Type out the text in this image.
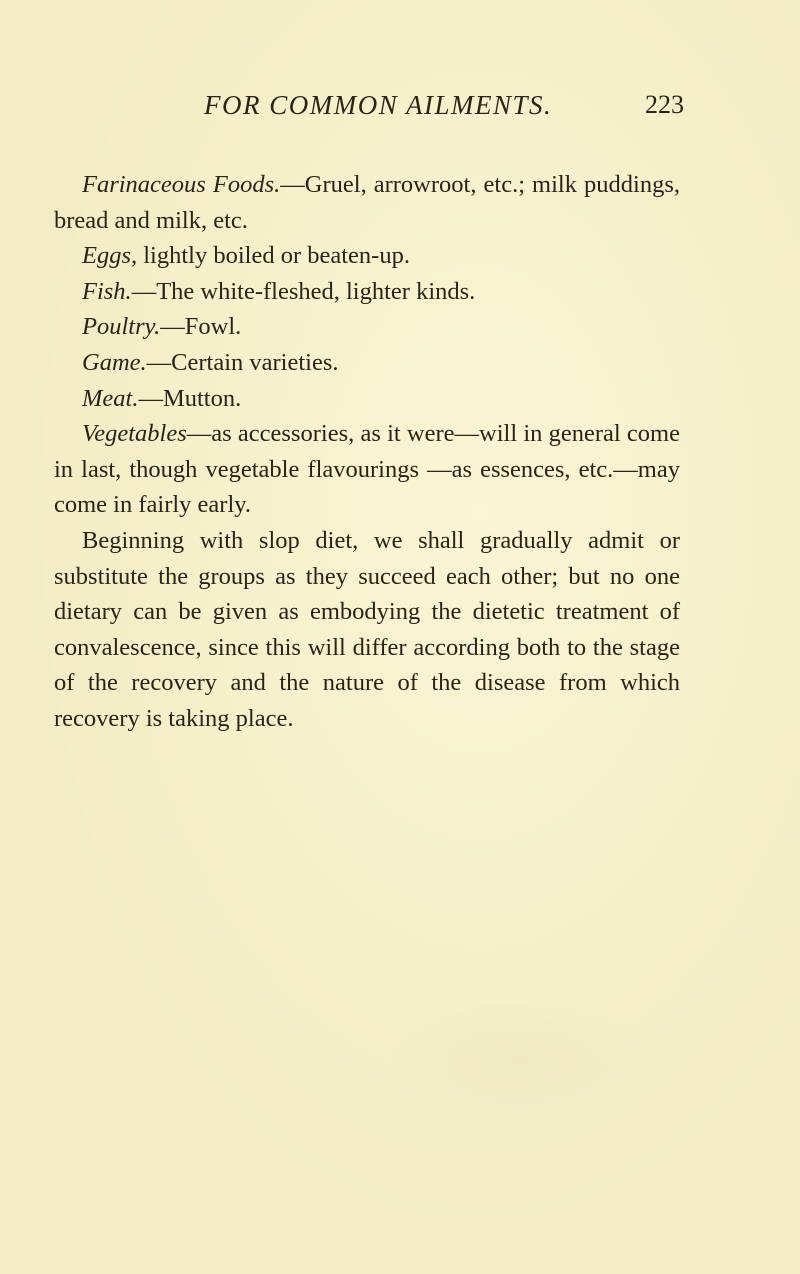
FOR COMMON AILMENTS.	223

Farinaceous Foods.—Gruel, arrowroot, etc.; milk puddings, bread and milk, etc.

Eggs, lightly boiled or beaten-up.

Fish.—The white-fleshed, lighter kinds.

Poultry.—Fowl.

Game.—Certain varieties.

Meat.—Mutton.

Vegetables—as accessories, as it were—will in general come in last, though vegetable flavourings —as essences, etc.—may come in fairly early.

Beginning with slop diet, we shall gradually admit or substitute the groups as they succeed each other; but no one dietary can be given as embodying the dietetic treatment of convalescence, since this will differ according both to the stage of the recovery and the nature of the disease from which recovery is taking place.
